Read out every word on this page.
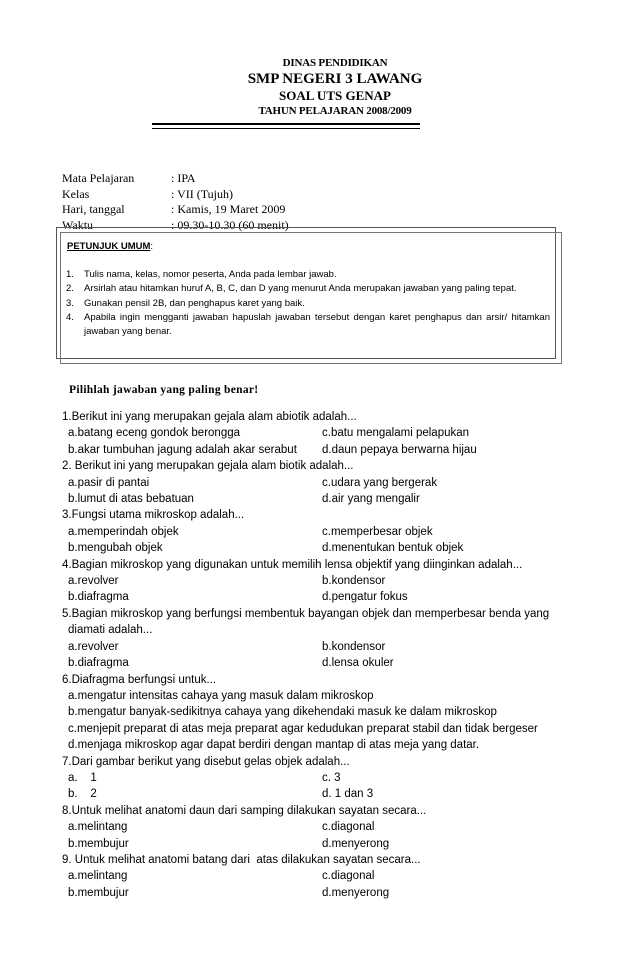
DINAS PENDIDIKAN
SMP NEGERI 3 LAWANG
SOAL UTS GENAP
TAHUN PELAJARAN 2008/2009
Mata Pelajaran	: IPA
Kelas	: VII (Tujuh)
Hari, tanggal	: Kamis, 19 Maret 2009
Waktu	: 09.30-10.30 (60 menit)
PETUNJUK UMUM:
1.	Tulis nama, kelas, nomor peserta, Anda pada lembar jawab.
2.	Arsirlah atau hitamkan huruf A, B, C, dan D yang menurut Anda merupakan jawaban yang paling tepat.
3.	Gunakan pensil 2B, dan penghapus karet yang baik.
4.	Apabila ingin mengganti jawaban hapuslah jawaban tersebut dengan karet penghapus dan arsir/ hitamkan jawaban yang benar.
Pilihlah jawaban yang paling benar!
1.Berikut ini yang merupakan gejala alam abiotik adalah...
a.batang eceng gondok berongga	c.batu mengalami pelapukan
b.akar tumbuhan jagung adalah akar serabut	d.daun pepaya berwarna hijau
2. Berikut ini yang merupakan gejala alam biotik adalah...
a.pasir di pantai	c.udara yang bergerak
b.lumut di atas bebatuan	d.air yang mengalir
3.Fungsi utama mikroskop adalah...
a.memperindah objek	c.memperbesar objek
b.mengubah objek	d.menentukan bentuk objek
4.Bagian mikroskop yang digunakan untuk memilih lensa objektif yang diinginkan adalah...
a.revolver	b.kondensor
b.diafragma	d.pengatur fokus
5.Bagian mikroskop yang berfungsi membentuk bayangan objek dan memperbesar benda yang
diamati adalah...
a.revolver	b.kondensor
b.diafragma	d.lensa okuler
6.Diafragma berfungsi untuk...
a.mengatur intensitas cahaya yang masuk dalam mikroskop
b.mengatur banyak-sedikitnya cahaya yang dikehendaki masuk ke dalam mikroskop
c.menjepit preparat di atas meja preparat agar kedudukan preparat stabil dan tidak bergeser
d.menjaga mikroskop agar dapat berdiri dengan mantap di atas meja yang datar.
7.Dari gambar berikut yang disebut gelas objek adalah...
a.    1	c. 3
b.    2	d. 1 dan 3
8.Untuk melihat anatomi daun dari samping dilakukan sayatan secara...
a.melintang	c.diagonal
b.membujur	d.menyerong
9. Untuk melihat anatomi batang dari  atas dilakukan sayatan secara...
a.melintang	c.diagonal
b.membujur	d.menyerong
